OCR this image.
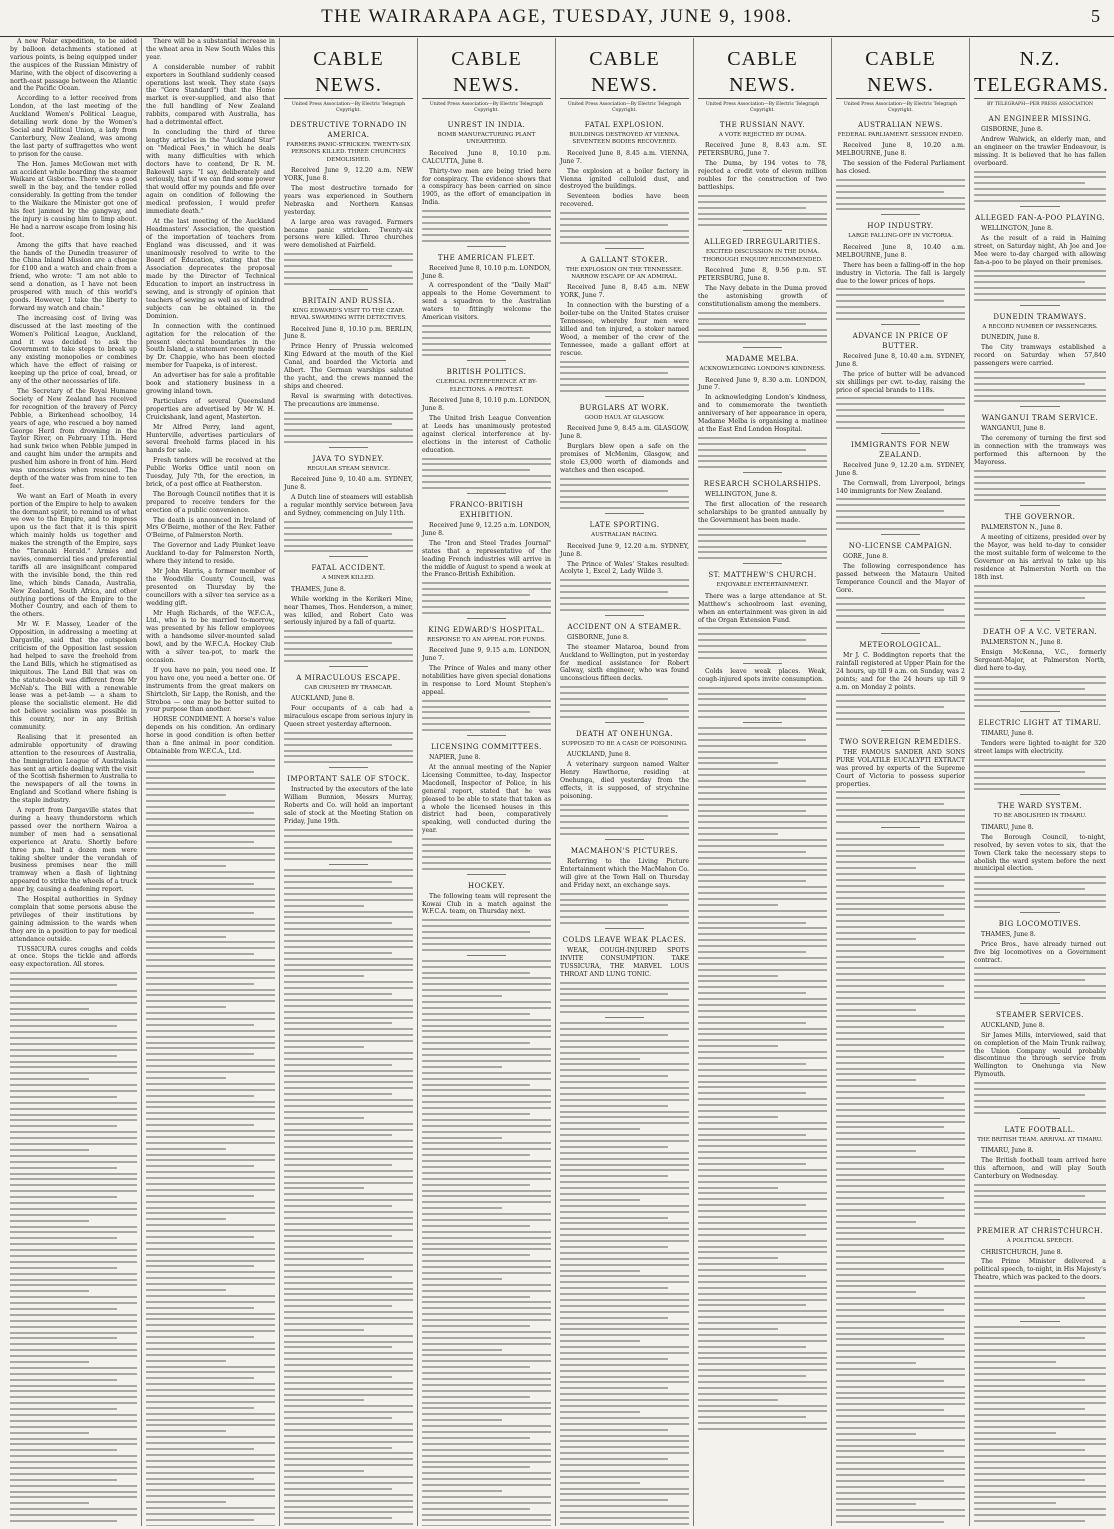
THE WAIRARAPA AGE, TUESDAY, JUNE 9, 1908.	5

A new Polar expedition, to be aided by balloon detachments stationed at various points, is being equipped under the auspices of the Russian Ministry of Marine, with the object of discovering a north-east passage between the Atlantic and the Pacific Ocean.

According to a letter received from London, at the last meeting of the Auckland Women's Political League, detailing work done by the Women's Social and Political Union, a lady from Canterbury, New Zealand, was among the last party of suffragettes who went to prison for the cause.

The Hon. James McGowan met with an accident while boarding the steamer Waikare at Gisborne. There was a good swell in the bay, and the tender rolled considerably. In getting from the tender to the Waikare the Minister got one of his feet jammed by the gangway, and the injury is causing him to limp about. He had a narrow escape from losing his foot.

Among the gifts that have reached the hands of the Dunedin treasurer of the China Inland Mission are a cheque for £100 and a watch and chain from a friend, who wrote: "I am not able to send a donation, as I have not been prospered with much of this world's goods. However, I take the liberty to forward my watch and chain."

The increasing cost of living was discussed at the last meeting of the Women's Political League, Auckland, and it was decided to ask the Government to take steps to break up any existing monopolies or combines which have the effect of raising or keeping up the price of coal, bread, or any of the other necessaries of life.

The Secretary of the Royal Humane Society of New Zealand has received for recognition of the bravery of Percy Pebble, a Birkenhead schoolboy, 14 years of age, who rescued a boy named George Herd from drowning in the Taylor River, on February 11th. Herd had sunk twice when Pebble jumped in and caught him under the armpits and pushed him ashore in front of him. Herd was unconscious when rescued. The depth of the water was from nine to ten feet.

We want an Earl of Meath in every portion of the Empire to help to awaken the dormant spirit, to remind us of what we owe to the Empire, and to impress upon us the fact that it is this spirit which mainly holds us together and makes the strength of the Empire, says the "Taranaki Herald." Armies and navies, commercial ties and preferential tariffs all are insignificant compared with the invisible bond, the thin red line, which binds Canada, Australia, New Zealand, South Africa, and other outlying portions of the Empire to the Mother Country, and each of them to the others.

Mr W. F. Massey, Leader of the Opposition, in addressing a meeting at Dargaville, said that the outspoken criticism of the Opposition last session had helped to save the freehold from the Land Bills, which he stigmatised as iniquitous. The Land Bill that was on the statute-book was different from Mr McNab's. The Bill with a renewable lease was a pet-lamb — a sham to please the socialistic element. He did not believe socialism was possible in this country, nor in any British community.

Realising that it presented an admirable opportunity of drawing attention to the resources of Australia, the Immigration League of Australasia has sent an article dealing with the visit of the Scottish fishermen to Australia to the newspapers of all the towns in England and Scotland where fishing is the staple industry.

A report from Dargaville states that during a heavy thunderstorm which passed over the northern Wairoa a number of men had a sensational experience at Aratu. Shortly before three p.m. half a dozen men were taking shelter under the verandah of business premises near the mill tramway when a flash of lightning appeared to strike the wheels of a truck near by, causing a deafening report.

The Hospital authorities in Sydney complain that some persons abuse the privileges of their institutions by gaining admission to the wards when they are in a position to pay for medical attendance outside.

TUSSICURA cures coughs and colds at once. Stops the tickle and affords easy expectoration. All stores.

There will be a substantial increase in the wheat area in New South Wales this year.

A considerable number of rabbit exporters in Southland suddenly ceased operations last week. They state (says the "Gore Standard") that the Home market is over-supplied, and also that the full handling of New Zealand rabbits, compared with Australia, has had a detrimental effect.

In concluding the third of three lengthy articles in the "Auckland Star" on "Medical Fees," in which he deals with many difficulties with which doctors have to contend, Dr R. M. Bakewell says: "I say, deliberately and seriously, that if we can find some power that would offer my pounds and fife over again on condition of following the medical profession, I would prefer immediate death."

At the last meeting of the Auckland Headmasters' Association, the question of the importation of teachers from England was discussed, and it was unanimously resolved to write to the Board of Education, stating that the Association deprecates the proposal made by the Director of Technical Education to import an instructress in sewing, and is strongly of opinion that teachers of sewing as well as of kindred subjects can be obtained in the Dominion.

In connection with the continued agitation for the relocation of the present electoral boundaries in the South Island, a statement recently made by Dr. Chappie, who has been elected member for Tuapeka, is of interest.

An advertiser has for sale a profitable book and stationery business in a growing inland town.

Particulars of several Queensland properties are advertised by Mr W. H. Cruickshank, land agent, Masterton.

Mr Alfred Perry, land agent, Hunterville, advertises particulars of several freehold farms placed in his hands for sale.

Fresh tenders will be received at the Public Works Office until noon on Tuesday, July 7th, for the erection, in brick, of a post office at Featherston.

The Borough Council notifies that it is prepared to receive tenders for the erection of a public convenience.

The death is announced in Ireland of Mrs O'Beirne, mother of the Rev. Father O'Beirne, of Palmerston North.

The Governor and Lady Plunket leave Auckland to-day for Palmerston North, where they intend to reside.

Mr John Harris, a former member of the Woodville County Council, was presented on Thursday by the councillors with a silver tea service as a wedding gift.

Mr Hugh Richards, of the W.F.C.A., Ltd., who is to be married to-morrow, was presented by his fellow employees with a handsome silver-mounted salad bowl, and by the W.F.C.A. Hockey Club with a silver tea-pot, to mark the occasion.

If you have no pain, you need one. If you have one, you need a better one. Of instruments from the great makers on Shirtcloth, Sir Lapp, the Ronish, and the Stroboa — one may be better suited to your purpose than another.

HORSE CONDIMENT. A horse's value depends on his condition. An ordinary horse in good condition is often better than a fine animal in poor condition. Obtainable from W.F.C.A., Ltd.

CABLE NEWS.
United Press Association—By Electric Telegraph Copyright.
DESTRUCTIVE TORNADO IN AMERICA.
FARMERS PANIC-STRICKEN. TWENTY-SIX PERSONS KILLED. THREE CHURCHES DEMOLISHED.

Received June 9, 12.20 a.m. NEW YORK, June 8.

The most destructive tornado for years was experienced in Southern Nebraska and Northern Kansas yesterday.

A large area was ravaged. Farmers became panic stricken. Twenty-six persons were killed. Three churches were demolished at Fairfield.

BRITAIN AND RUSSIA.
KING EDWARD'S VISIT TO THE CZAR. REVAL SWARMING WITH DETECTIVES.

Received June 8, 10.10 p.m. BERLIN, June 8.

Prince Henry of Prussia welcomed King Edward at the mouth of the Kiel Canal, and boarded the Victoria and Albert. The German warships saluted the yacht, and the crews manned the ships and cheered.

Reval is swarming with detectives. The precautions are immense.

JAVA TO SYDNEY.
REGULAR STEAM SERVICE.

Received June 9, 10.40 a.m. SYDNEY, June 8.

A Dutch line of steamers will establish a regular monthly service between Java and Sydney, commencing on July 11th.

FATAL ACCIDENT.
A MINER KILLED.

THAMES, June 8.

While working in the Kerikeri Mine, near Thames, Thos. Henderson, a miner, was killed, and Robert Cato was seriously injured by a fall of quartz.

A MIRACULOUS ESCAPE.
CAB CRUSHED BY TRAMCAR.

AUCKLAND, June 8.

Four occupants of a cab had a miraculous escape from serious injury in Queen street yesterday afternoon.

IMPORTANT SALE OF STOCK.

Instructed by the executors of the late William Bunnion, Messrs Murray, Roberts and Co. will hold an important sale of stock at the Meeting Station on Friday, June 19th.

CABLE NEWS.
United Press Association—By Electric Telegraph Copyright.
UNREST IN INDIA.
BOMB MANUFACTURING PLANT UNEARTHED.

Received June 8, 10.10 p.m. CALCUTTA, June 8.

Thirty-two men are being tried here for conspiracy. The evidence shows that a conspiracy has been carried on since 1905, as the effort of emancipation in India.

THE AMERICAN FLEET.

Received June 8, 10.10 p.m. LONDON, June 8.

A correspondent of the "Daily Mail" appeals to the Home Government to send a squadron to the Australian waters to fittingly welcome the American visitors.

BRITISH POLITICS.
CLERICAL INTERFERENCE AT BY-ELECTIONS. A PROTEST.

Received June 8, 10.10 p.m. LONDON, June 8.

The United Irish League Convention at Leeds has unanimously protested against clerical interference at by-elections in the interest of Catholic education.

FRANCO-BRITISH EXHIBITION.

Received June 9, 12.25 a.m. LONDON, June 8.

The "Iron and Steel Trades Journal" states that a representative of the leading French industries will arrive in the middle of August to spend a week at the Franco-British Exhibition.

KING EDWARD'S HOSPITAL.
RESPONSE TO AN APPEAL FOR FUNDS.

Received June 9, 9.15 a.m. LONDON, June 7.

The Prince of Wales and many other notabilities have given special donations in response to Lord Mount Stephen's appeal.

LICENSING COMMITTEES.

NAPIER, June 8.

At the annual meeting of the Napier Licensing Committee, to-day, Inspector Macdonell, Inspector of Police, in his general report, stated that he was pleased to be able to state that taken as a whole the licensed houses in this district had been, comparatively speaking, well conducted during the year.

HOCKEY.

The following team will represent the Kowai Club in a match against the W.F.C.A. team, on Thursday next.

CABLE NEWS.
United Press Association—By Electric Telegraph Copyright.
FATAL EXPLOSION.
BUILDINGS DESTROYED AT VIENNA. SEVENTEEN BODIES RECOVERED.

Received June 8, 8.45 a.m. VIENNA, June 7.

The explosion at a boiler factory in Vienna ignited celluloid dust, and destroyed the buildings.

Seventeen bodies have been recovered.

A GALLANT STOKER.
THE EXPLOSION ON THE TENNESSEE. NARROW ESCAPE OF AN ADMIRAL.

Received June 8, 8.45 a.m. NEW YORK, June 7.

In connection with the bursting of a boiler-tube on the United States cruiser Tennessee, whereby four men were killed and ten injured, a stoker named Wood, a member of the crew of the Tennessee, made a gallant effort at rescue.

BURGLARS AT WORK.
GOOD HAUL AT GLASGOW.

Received June 9, 8.45 a.m. GLASGOW, June 8.

Burglars blew open a safe on the premises of McMenim, Glasgow, and stole £3,000 worth of diamonds and watches and then escaped.

LATE SPORTING.
AUSTRALIAN RACING.

Received June 9, 12.20 a.m. SYDNEY, June 8.

The Prince of Wales' Stakes resulted: Acolyte 1, Excel 2, Lady Wilde 3.

ACCIDENT ON A STEAMER.

GISBORNE, June 8.

The steamer Mataroa, bound from Auckland to Wellington, put in yesterday for medical assistance for Robert Galway, sixth engineer, who was found unconscious fifteen decks.

DEATH AT ONEHUNGA.
SUPPOSED TO BE A CASE OF POISONING.

AUCKLAND, June 8.

A veterinary surgeon named Walter Henry Hawthorne, residing at Onehunga, died yesterday from the effects, it is supposed, of strychnine poisoning.

MACMAHON'S PICTURES.

Referring to the Living Picture Entertainment which the MacMahon Co. will give at the Town Hall on Thursday and Friday next, an exchange says.

COLDS LEAVE WEAK PLACES.

WEAK, COUGH-INJURED SPOTS INVITE CONSUMPTION. TAKE TUSSICURA, THE MARVEL LOUS THROAT AND LUNG TONIC.

CABLE NEWS.
United Press Association—By Electric Telegraph Copyright.
THE RUSSIAN NAVY.
A VOTE REJECTED BY DUMA.

Received June 8, 8.43 a.m. ST. PETERSBURG, June 7.

The Duma, by 194 votes to 78, rejected a credit vote of eleven million roubles for the construction of two battleships.

ALLEGED IRREGULARITIES.
EXCITED DISCUSSION IN THE DUMA. THOROUGH ENQUIRY RECOMMENDED.

Received June 8, 9.56 p.m. ST. PETERSBURG, June 8.

The Navy debate in the Duma proved the astonishing growth of constitutionalism among the members.

MADAME MELBA.
ACKNOWLEDGING LONDON'S KINDNESS.

Received June 9, 8.30 a.m. LONDON, June 7.

In acknowledging London's kindness, and to commemorate the twentieth anniversary of her appearance in opera, Madame Melba is organising a matinee at the East End London Hospital.

RESEARCH SCHOLARSHIPS.

WELLINGTON, June 8.

The first allocation of the research scholarships to be granted annually by the Government has been made.

ST. MATTHEW'S CHURCH.
ENJOYABLE ENTERTAINMENT.

There was a large attendance at St. Matthew's schoolroom last evening, when an entertainment was given in aid of the Organ Extension Fund.

Colds leave weak places. Weak, cough-injured spots invite consumption.

CABLE NEWS.
United Press Association—By Electric Telegraph Copyright.
AUSTRALIAN NEWS.
FEDERAL PARLIAMENT. SESSION ENDED.

Received June 8, 10.20 a.m. MELBOURNE, June 8.

The session of the Federal Parliament has closed.

HOP INDUSTRY.
LARGE FALLING-OFF IN VICTORIA.

Received June 8, 10.40 a.m. MELBOURNE, June 8.

There has been a falling-off in the hop industry in Victoria. The fall is largely due to the lower prices of hops.

ADVANCE IN PRICE OF BUTTER.

Received June 8, 10.40 a.m. SYDNEY, June 8.

The price of butter will be advanced six shillings per cwt. to-day, raising the price of special brands to 118s.

IMMIGRANTS FOR NEW ZEALAND.

Received June 9, 12.20 a.m. SYDNEY, June 8.

The Cornwall, from Liverpool, brings 140 immigrants for New Zealand.

NO-LICENSE CAMPAIGN.

GORE, June 8.

The following correspondence has passed between the Mataura United Temperance Council and the Mayor of Gore.

METEOROLOGICAL.

Mr J. C. Boddington reports that the rainfall registered at Upper Plain for the 24 hours, up till 9 a.m. on Sunday, was 2 points; and for the 24 hours up till 9 a.m. on Monday 2 points.

TWO SOVEREIGN REMEDIES.

THE FAMOUS SANDER AND SONS PURE VOLATILE EUCALYPTI EXTRACT was proved by experts of the Supreme Court of Victoria to possess superior properties.

N.Z. TELEGRAMS.
BY TELEGRAPH—PER PRESS ASSOCIATION
AN ENGINEER MISSING.

GISBORNE, June 8.

Andrew Walwick, an elderly man, and an engineer on the trawler Endeavour, is missing. It is believed that he has fallen overboard.

ALLEGED FAN-A-POO PLAYING.

WELLINGTON, June 8.

As the result of a raid in Haining street, on Saturday night, Ah Joe and Joe Mee were to-day charged with allowing fan-a-poo to be played on their premises.

DUNEDIN TRAMWAYS.
A RECORD NUMBER OF PASSENGERS.

DUNEDIN, June 8.

The City tramways established a record on Saturday when 57,840 passengers were carried.

WANGANUI TRAM SERVICE.

WANGANUI, June 8.

The ceremony of turning the first sod in connection with the tramways was performed this afternoon by the Mayoress.

THE GOVERNOR.

PALMERSTON N., June 8.

A meeting of citizens, presided over by the Mayor, was held to-day to consider the most suitable form of welcome to the Governor on his arrival to take up his residence at Palmerston North on the 18th inst.

DEATH OF A V.C. VETERAN.

PALMERSTON N., June 8.

Ensign McKenna, V.C., formerly Sergeant-Major, at Palmerston North, died here to-day.

ELECTRIC LIGHT AT TIMARU.

TIMARU, June 8.

Tenders were lighted to-night for 320 street lamps with electricity.

THE WARD SYSTEM.
TO BE ABOLISHED IN TIMARU.

TIMARU, June 8.

The Borough Council, to-night, resolved, by seven votes to six, that the Town Clerk take the necessary steps to abolish the ward system before the next municipal election.

BIG LOCOMOTIVES.

THAMES, June 8.

Price Bros., have already turned out five big locomotives on a Government contract.

STEAMER SERVICES.

AUCKLAND, June 8.

Sir James Mills, interviewed, said that on completion of the Main Trunk railway, the Union Company would probably discontinue the through service from Wellington to Onehunga via New Plymouth.

LATE FOOTBALL.
THE BRITISH TEAM. ARRIVAL AT TIMARU.

TIMARU, June 8.

The British football team arrived here this afternoon, and will play South Canterbury on Wednesday.

PREMIER AT CHRISTCHURCH.
A POLITICAL SPEECH.

CHRISTCHURCH, June 8.

The Prime Minister delivered a political speech, to-night, in His Majesty's Theatre, which was packed to the doors.
